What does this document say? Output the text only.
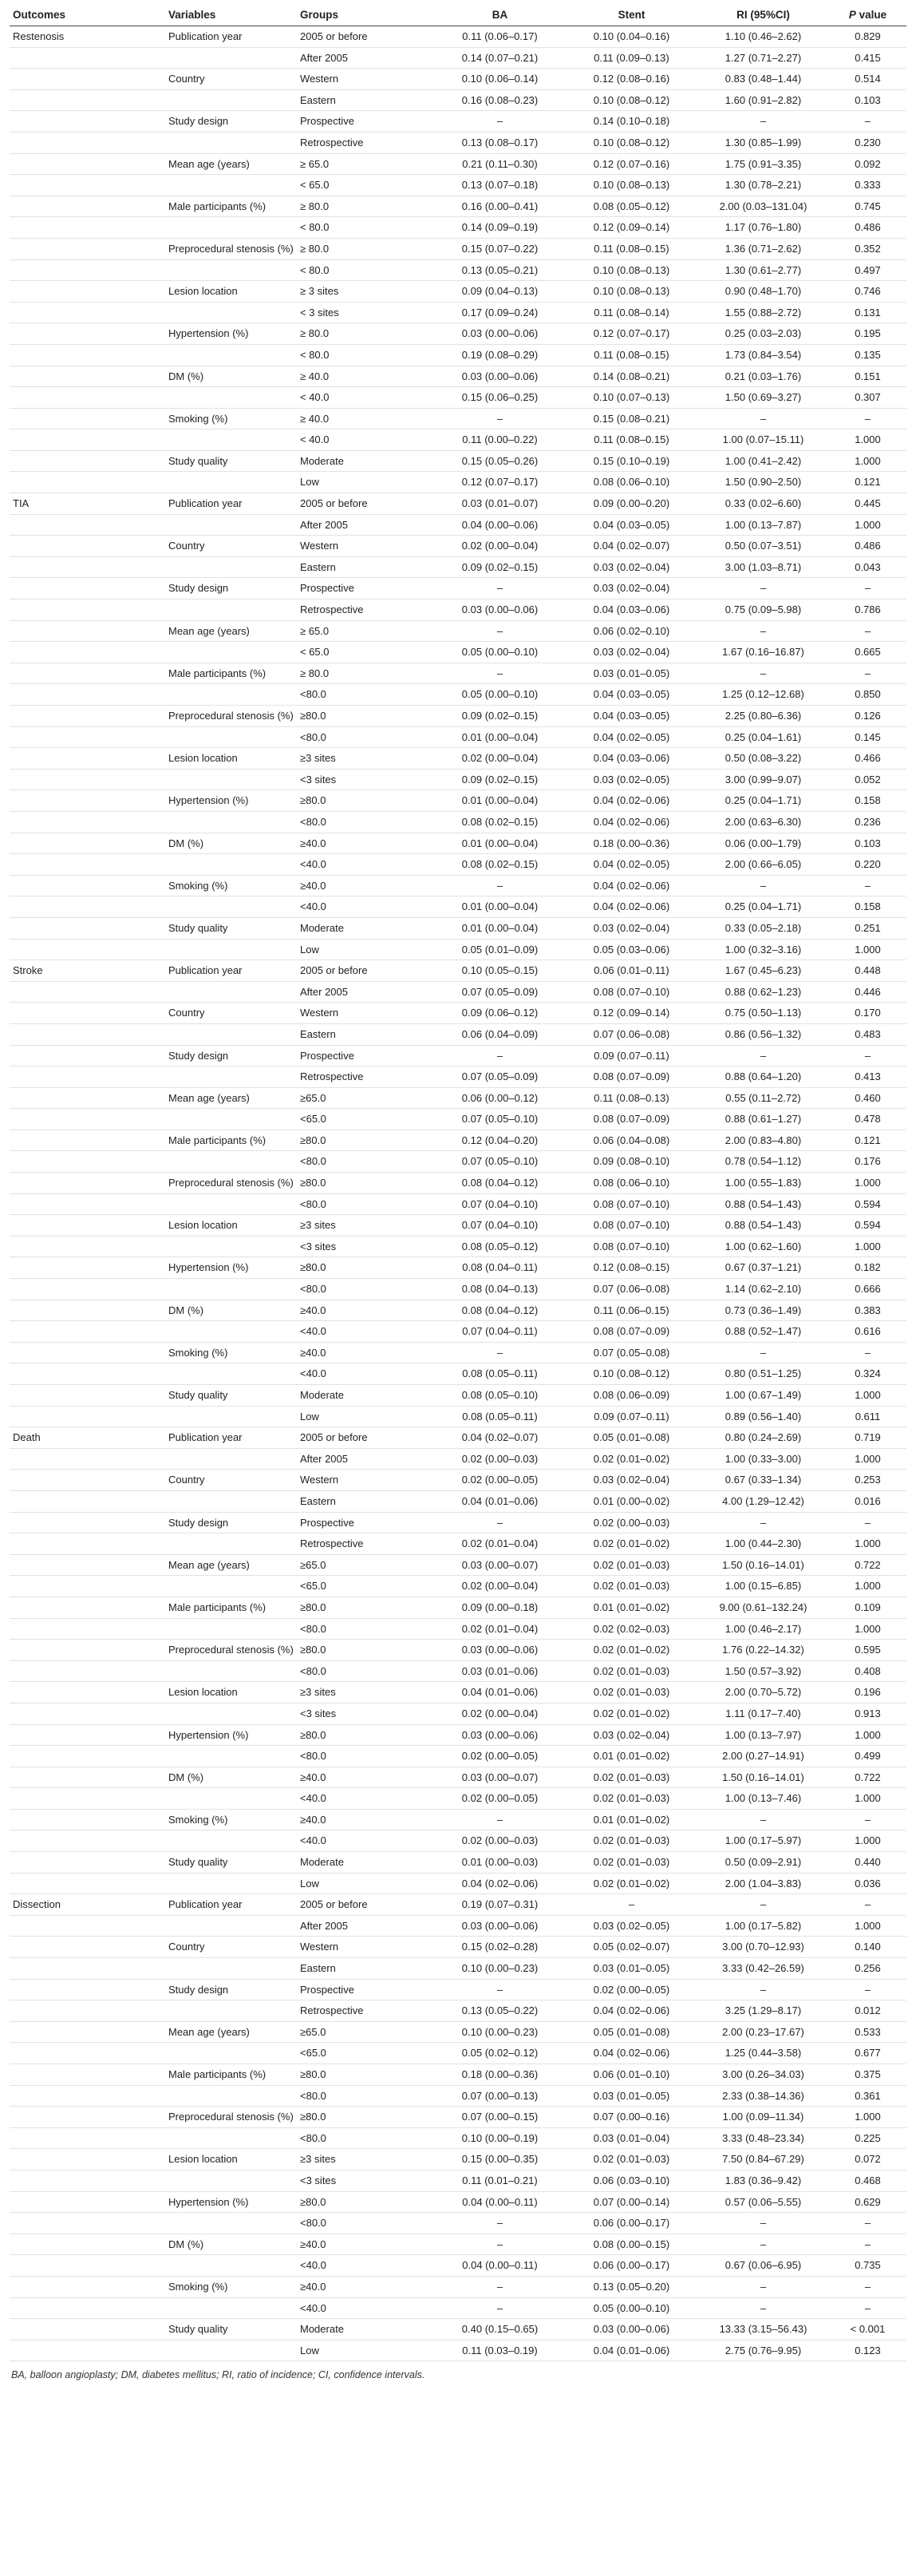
Outcomes	Variables	Groups	BA	Stent	RI (95%CI)	P value
Restenosis	Publication year	2005 or before	0.11 (0.06–0.17)	0.10 (0.04–0.16)	1.10 (0.46–2.62)	0.829
		After 2005	0.14 (0.07–0.21)	0.11 (0.09–0.13)	1.27 (0.71–2.27)	0.415
	Country	Western	0.10 (0.06–0.14)	0.12 (0.08–0.16)	0.83 (0.48–1.44)	0.514
		Eastern	0.16 (0.08–0.23)	0.10 (0.08–0.12)	1.60 (0.91–2.82)	0.103
	Study design	Prospective	–	0.14 (0.10–0.18)	–	–
		Retrospective	0.13 (0.08–0.17)	0.10 (0.08–0.12)	1.30 (0.85–1.99)	0.230
	Mean age (years)	≥ 65.0	0.21 (0.11–0.30)	0.12 (0.07–0.16)	1.75 (0.91–3.35)	0.092
		< 65.0	0.13 (0.07–0.18)	0.10 (0.08–0.13)	1.30 (0.78–2.21)	0.333
	Male participants (%)	≥ 80.0	0.16 (0.00–0.41)	0.08 (0.05–0.12)	2.00 (0.03–131.04)	0.745
		< 80.0	0.14 (0.09–0.19)	0.12 (0.09–0.14)	1.17 (0.76–1.80)	0.486
	Preprocedural stenosis (%)	≥ 80.0	0.15 (0.07–0.22)	0.11 (0.08–0.15)	1.36 (0.71–2.62)	0.352
		< 80.0	0.13 (0.05–0.21)	0.10 (0.08–0.13)	1.30 (0.61–2.77)	0.497
	Lesion location	≥ 3 sites	0.09 (0.04–0.13)	0.10 (0.08–0.13)	0.90 (0.48–1.70)	0.746
		< 3 sites	0.17 (0.09–0.24)	0.11 (0.08–0.14)	1.55 (0.88–2.72)	0.131
	Hypertension (%)	≥ 80.0	0.03 (0.00–0.06)	0.12 (0.07–0.17)	0.25 (0.03–2.03)	0.195
		< 80.0	0.19 (0.08–0.29)	0.11 (0.08–0.15)	1.73 (0.84–3.54)	0.135
	DM (%)	≥ 40.0	0.03 (0.00–0.06)	0.14 (0.08–0.21)	0.21 (0.03–1.76)	0.151
		< 40.0	0.15 (0.06–0.25)	0.10 (0.07–0.13)	1.50 (0.69–3.27)	0.307
	Smoking (%)	≥ 40.0	–	0.15 (0.08–0.21)	–	–
		< 40.0	0.11 (0.00–0.22)	0.11 (0.08–0.15)	1.00 (0.07–15.11)	1.000
	Study quality	Moderate	0.15 (0.05–0.26)	0.15 (0.10–0.19)	1.00 (0.41–2.42)	1.000
		Low	0.12 (0.07–0.17)	0.08 (0.06–0.10)	1.50 (0.90–2.50)	0.121
TIA	Publication year	2005 or before	0.03 (0.01–0.07)	0.09 (0.00–0.20)	0.33 (0.02–6.60)	0.445
		After 2005	0.04 (0.00–0.06)	0.04 (0.03–0.05)	1.00 (0.13–7.87)	1.000
	Country	Western	0.02 (0.00–0.04)	0.04 (0.02–0.07)	0.50 (0.07–3.51)	0.486
		Eastern	0.09 (0.02–0.15)	0.03 (0.02–0.04)	3.00 (1.03–8.71)	0.043
	Study design	Prospective	–	0.03 (0.02–0.04)	–	–
		Retrospective	0.03 (0.00–0.06)	0.04 (0.03–0.06)	0.75 (0.09–5.98)	0.786
	Mean age (years)	≥ 65.0	–	0.06 (0.02–0.10)	–	–
		< 65.0	0.05 (0.00–0.10)	0.03 (0.02–0.04)	1.67 (0.16–16.87)	0.665
	Male participants (%)	≥ 80.0	–	0.03 (0.01–0.05)	–	–
		<80.0	0.05 (0.00–0.10)	0.04 (0.03–0.05)	1.25 (0.12–12.68)	0.850
	Preprocedural stenosis (%)	≥80.0	0.09 (0.02–0.15)	0.04 (0.03–0.05)	2.25 (0.80–6.36)	0.126
		<80.0	0.01 (0.00–0.04)	0.04 (0.02–0.05)	0.25 (0.04–1.61)	0.145
	Lesion location	≥3 sites	0.02 (0.00–0.04)	0.04 (0.03–0.06)	0.50 (0.08–3.22)	0.466
		<3 sites	0.09 (0.02–0.15)	0.03 (0.02–0.05)	3.00 (0.99–9.07)	0.052
	Hypertension (%)	≥80.0	0.01 (0.00–0.04)	0.04 (0.02–0.06)	0.25 (0.04–1.71)	0.158
		<80.0	0.08 (0.02–0.15)	0.04 (0.02–0.06)	2.00 (0.63–6.30)	0.236
	DM (%)	≥40.0	0.01 (0.00–0.04)	0.18 (0.00–0.36)	0.06 (0.00–1.79)	0.103
		<40.0	0.08 (0.02–0.15)	0.04 (0.02–0.05)	2.00 (0.66–6.05)	0.220
	Smoking (%)	≥40.0	–	0.04 (0.02–0.06)	–	–
		<40.0	0.01 (0.00–0.04)	0.04 (0.02–0.06)	0.25 (0.04–1.71)	0.158
	Study quality	Moderate	0.01 (0.00–0.04)	0.03 (0.02–0.04)	0.33 (0.05–2.18)	0.251
		Low	0.05 (0.01–0.09)	0.05 (0.03–0.06)	1.00 (0.32–3.16)	1.000
Stroke	Publication year	2005 or before	0.10 (0.05–0.15)	0.06 (0.01–0.11)	1.67 (0.45–6.23)	0.448
		After 2005	0.07 (0.05–0.09)	0.08 (0.07–0.10)	0.88 (0.62–1.23)	0.446
	Country	Western	0.09 (0.06–0.12)	0.12 (0.09–0.14)	0.75 (0.50–1.13)	0.170
		Eastern	0.06 (0.04–0.09)	0.07 (0.06–0.08)	0.86 (0.56–1.32)	0.483
	Study design	Prospective	–	0.09 (0.07–0.11)	–	–
		Retrospective	0.07 (0.05–0.09)	0.08 (0.07–0.09)	0.88 (0.64–1.20)	0.413
	Mean age (years)	≥65.0	0.06 (0.00–0.12)	0.11 (0.08–0.13)	0.55 (0.11–2.72)	0.460
		<65.0	0.07 (0.05–0.10)	0.08 (0.07–0.09)	0.88 (0.61–1.27)	0.478
	Male participants (%)	≥80.0	0.12 (0.04–0.20)	0.06 (0.04–0.08)	2.00 (0.83–4.80)	0.121
		<80.0	0.07 (0.05–0.10)	0.09 (0.08–0.10)	0.78 (0.54–1.12)	0.176
	Preprocedural stenosis (%)	≥80.0	0.08 (0.04–0.12)	0.08 (0.06–0.10)	1.00 (0.55–1.83)	1.000
		<80.0	0.07 (0.04–0.10)	0.08 (0.07–0.10)	0.88 (0.54–1.43)	0.594
	Lesion location	≥3 sites	0.07 (0.04–0.10)	0.08 (0.07–0.10)	0.88 (0.54–1.43)	0.594
		<3 sites	0.08 (0.05–0.12)	0.08 (0.07–0.10)	1.00 (0.62–1.60)	1.000
	Hypertension (%)	≥80.0	0.08 (0.04–0.11)	0.12 (0.08–0.15)	0.67 (0.37–1.21)	0.182
		<80.0	0.08 (0.04–0.13)	0.07 (0.06–0.08)	1.14 (0.62–2.10)	0.666
	DM (%)	≥40.0	0.08 (0.04–0.12)	0.11 (0.06–0.15)	0.73 (0.36–1.49)	0.383
		<40.0	0.07 (0.04–0.11)	0.08 (0.07–0.09)	0.88 (0.52–1.47)	0.616
	Smoking (%)	≥40.0	–	0.07 (0.05–0.08)	–	–
		<40.0	0.08 (0.05–0.11)	0.10 (0.08–0.12)	0.80 (0.51–1.25)	0.324
	Study quality	Moderate	0.08 (0.05–0.10)	0.08 (0.06–0.09)	1.00 (0.67–1.49)	1.000
		Low	0.08 (0.05–0.11)	0.09 (0.07–0.11)	0.89 (0.56–1.40)	0.611
Death	Publication year	2005 or before	0.04 (0.02–0.07)	0.05 (0.01–0.08)	0.80 (0.24–2.69)	0.719
		After 2005	0.02 (0.00–0.03)	0.02 (0.01–0.02)	1.00 (0.33–3.00)	1.000
	Country	Western	0.02 (0.00–0.05)	0.03 (0.02–0.04)	0.67 (0.33–1.34)	0.253
		Eastern	0.04 (0.01–0.06)	0.01 (0.00–0.02)	4.00 (1.29–12.42)	0.016
	Study design	Prospective	–	0.02 (0.00–0.03)	–	–
		Retrospective	0.02 (0.01–0.04)	0.02 (0.01–0.02)	1.00 (0.44–2.30)	1.000
	Mean age (years)	≥65.0	0.03 (0.00–0.07)	0.02 (0.01–0.03)	1.50 (0.16–14.01)	0.722
		<65.0	0.02 (0.00–0.04)	0.02 (0.01–0.03)	1.00 (0.15–6.85)	1.000
	Male participants (%)	≥80.0	0.09 (0.00–0.18)	0.01 (0.01–0.02)	9.00 (0.61–132.24)	0.109
		<80.0	0.02 (0.01–0.04)	0.02 (0.02–0.03)	1.00 (0.46–2.17)	1.000
	Preprocedural stenosis (%)	≥80.0	0.03 (0.00–0.06)	0.02 (0.01–0.02)	1.76 (0.22–14.32)	0.595
		<80.0	0.03 (0.01–0.06)	0.02 (0.01–0.03)	1.50 (0.57–3.92)	0.408
	Lesion location	≥3 sites	0.04 (0.01–0.06)	0.02 (0.01–0.03)	2.00 (0.70–5.72)	0.196
		<3 sites	0.02 (0.00–0.04)	0.02 (0.01–0.02)	1.11 (0.17–7.40)	0.913
	Hypertension (%)	≥80.0	0.03 (0.00–0.06)	0.03 (0.02–0.04)	1.00 (0.13–7.97)	1.000
		<80.0	0.02 (0.00–0.05)	0.01 (0.01–0.02)	2.00 (0.27–14.91)	0.499
	DM (%)	≥40.0	0.03 (0.00–0.07)	0.02 (0.01–0.03)	1.50 (0.16–14.01)	0.722
		<40.0	0.02 (0.00–0.05)	0.02 (0.01–0.03)	1.00 (0.13–7.46)	1.000
	Smoking (%)	≥40.0	–	0.01 (0.01–0.02)	–	–
		<40.0	0.02 (0.00–0.03)	0.02 (0.01–0.03)	1.00 (0.17–5.97)	1.000
	Study quality	Moderate	0.01 (0.00–0.03)	0.02 (0.01–0.03)	0.50 (0.09–2.91)	0.440
		Low	0.04 (0.02–0.06)	0.02 (0.01–0.02)	2.00 (1.04–3.83)	0.036
Dissection	Publication year	2005 or before	0.19 (0.07–0.31)	–	–	–
		After 2005	0.03 (0.00–0.06)	0.03 (0.02–0.05)	1.00 (0.17–5.82)	1.000
	Country	Western	0.15 (0.02–0.28)	0.05 (0.02–0.07)	3.00 (0.70–12.93)	0.140
		Eastern	0.10 (0.00–0.23)	0.03 (0.01–0.05)	3.33 (0.42–26.59)	0.256
	Study design	Prospective	–	0.02 (0.00–0.05)	–	–
		Retrospective	0.13 (0.05–0.22)	0.04 (0.02–0.06)	3.25 (1.29–8.17)	0.012
	Mean age (years)	≥65.0	0.10 (0.00–0.23)	0.05 (0.01–0.08)	2.00 (0.23–17.67)	0.533
		<65.0	0.05 (0.02–0.12)	0.04 (0.02–0.06)	1.25 (0.44–3.58)	0.677
	Male participants (%)	≥80.0	0.18 (0.00–0.36)	0.06 (0.01–0.10)	3.00 (0.26–34.03)	0.375
		<80.0	0.07 (0.00–0.13)	0.03 (0.01–0.05)	2.33 (0.38–14.36)	0.361
	Preprocedural stenosis (%)	≥80.0	0.07 (0.00–0.15)	0.07 (0.00–0.16)	1.00 (0.09–11.34)	1.000
		<80.0	0.10 (0.00–0.19)	0.03 (0.01–0.04)	3.33 (0.48–23.34)	0.225
	Lesion location	≥3 sites	0.15 (0.00–0.35)	0.02 (0.01–0.03)	7.50 (0.84–67.29)	0.072
		<3 sites	0.11 (0.01–0.21)	0.06 (0.03–0.10)	1.83 (0.36–9.42)	0.468
	Hypertension (%)	≥80.0	0.04 (0.00–0.11)	0.07 (0.00–0.14)	0.57 (0.06–5.55)	0.629
		<80.0	–	0.06 (0.00–0.17)	–	–
	DM (%)	≥40.0	–	0.08 (0.00–0.15)	–	–
		<40.0	0.04 (0.00–0.11)	0.06 (0.00–0.17)	0.67 (0.06–6.95)	0.735
	Smoking (%)	≥40.0	–	0.13 (0.05–0.20)	–	–
		<40.0	–	0.05 (0.00–0.10)	–	–
	Study quality	Moderate	0.40 (0.15–0.65)	0.03 (0.00–0.06)	13.33 (3.15–56.43)	< 0.001
		Low	0.11 (0.03–0.19)	0.04 (0.01–0.06)	2.75 (0.76–9.95)	0.123
BA, balloon angioplasty; DM, diabetes mellitus; RI, ratio of incidence; CI, confidence intervals.
